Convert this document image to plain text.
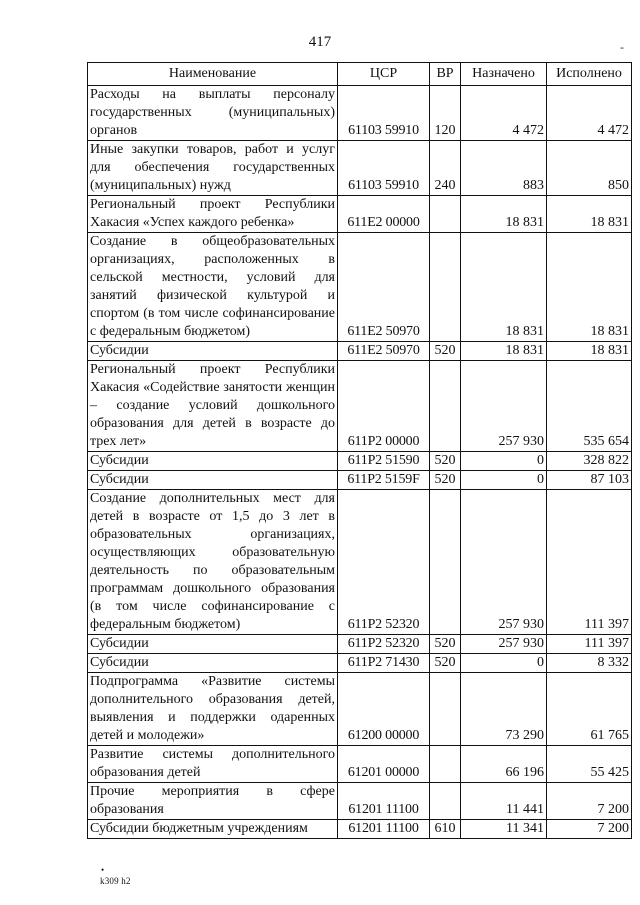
417	-
Наименование	ЦСР	ВР	Назначено	Исполнено
Расходы на выплаты персоналу государственных (муниципальных) органов	61103 59910	120	4 472	4 472
Иные закупки товаров, работ и услуг для обеспечения государственных (муниципальных) нужд	61103 59910	240	883	850
Региональный проект Республики Хакасия «Успех каждого ребенка»	611E2 00000		18 831	18 831
Создание в общеобразовательных организациях, расположенных в сельской местности, условий для занятий физической культурой и спортом (в том числе софинансирование с федеральным бюджетом)	611E2 50970		18 831	18 831
Субсидии	611E2 50970	520	18 831	18 831
Региональный проект Республики Хакасия «Содействие занятости женщин – создание условий дошкольного образования для детей в возрасте до трех лет»	611P2 00000		257 930	535 654
Субсидии	611P2 51590	520	0	328 822
Субсидии	611P2 5159F	520	0	87 103
Создание дополнительных мест для детей в возрасте от 1,5 до 3 лет в образовательных организациях, осуществляющих образовательную деятельность по образовательным программам дошкольного образования (в том числе софинансирование с федеральным бюджетом)	611P2 52320		257 930	111 397
Субсидии	611P2 52320	520	257 930	111 397
Субсидии	611P2 71430	520	0	8 332
Подпрограмма «Развитие системы дополнительного образования детей, выявления и поддержки одаренных детей и молодежи»	61200 00000		73 290	61 765
Развитие системы дополнительного образования детей	61201 00000		66 196	55 425
Прочие мероприятия в сфере образования	61201 11100		11 441	7 200
Субсидии бюджетным учреждениям	61201 11100	610	11 341	7 200
•
k309 h2
